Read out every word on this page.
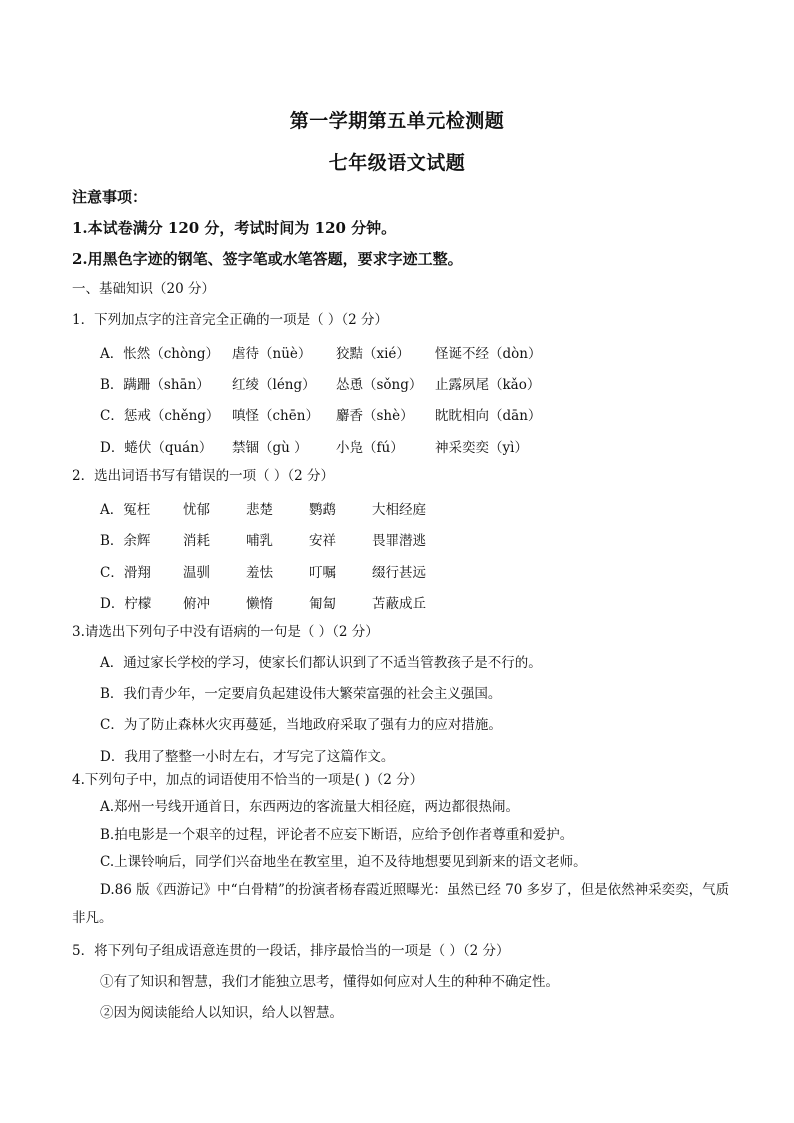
第一学期第五单元检测题
七年级语文试题
注意事项：
1.本试卷满分 120 分，考试时间为 120 分钟。
2.用黑色字迹的钢笔、签字笔或水笔答题，要求字迹工整。
一、基础知识（20 分）
1．下列加点字的注音完全正确的一项是（ ）（2 分）
A．怅然（chòng） 虐待（nüè） 狡黠（xié） 怪诞不经（dòn）
B．蹒跚（shān） 红绫（léng） 怂恿（sǒng） 止露夙尾（kǎo）
C．惩戒（chěng） 嗔怪（chēn） 麝香（shè） 眈眈相向（dān）
D．蜷伏（quán） 禁锢（gù ） 小凫（fú） 神采奕奕（yì）
2．选出词语书写有错误的一项（ ）（2 分）
A．冤枉 忧郁	悲楚	鹦鹉	大相经庭
B．余辉 消耗	哺乳	安祥	畏罪潜逃
C．滑翔 温驯	羞怯	叮嘱	缀行甚远
D．柠檬 俯冲	懒惰	匍匐	苫蔽成丘
3.请选出下列句子中没有语病的一句是（ ）（2 分）
A．通过家长学校的学习，使家长们都认识到了不适当管教孩子是不行的。
B．我们青少年，一定要肩负起建设伟大繁荣富强的社会主义强国。
C．为了防止森林火灾再蔓延，当地政府采取了强有力的应对措施。
D．我用了整整一小时左右，才写完了这篇作文。
4.下列句子中，加点的词语使用不恰当的一项是( )（2 分）
A.郑州一号线开通首日，东西两边的客流量大相径庭，两边都很热闹。
B.拍电影是一个艰辛的过程，评论者不应妄下断语，应给予创作者尊重和爱护。
C.上课铃响后，同学们兴奋地坐在教室里，迫不及待地想要见到新来的语文老师。
D.86 版《西游记》中“白骨精”的扮演者杨春霞近照曝光：虽然已经 70 多岁了，但是依然神采奕奕，气质非凡。
5．将下列句子组成语意连贯的一段话，排序最恰当的一项是（ ）（2 分）
①有了知识和智慧，我们才能独立思考，懂得如何应对人生的种种不确定性。
②因为阅读能给人以知识，给人以智慧。
